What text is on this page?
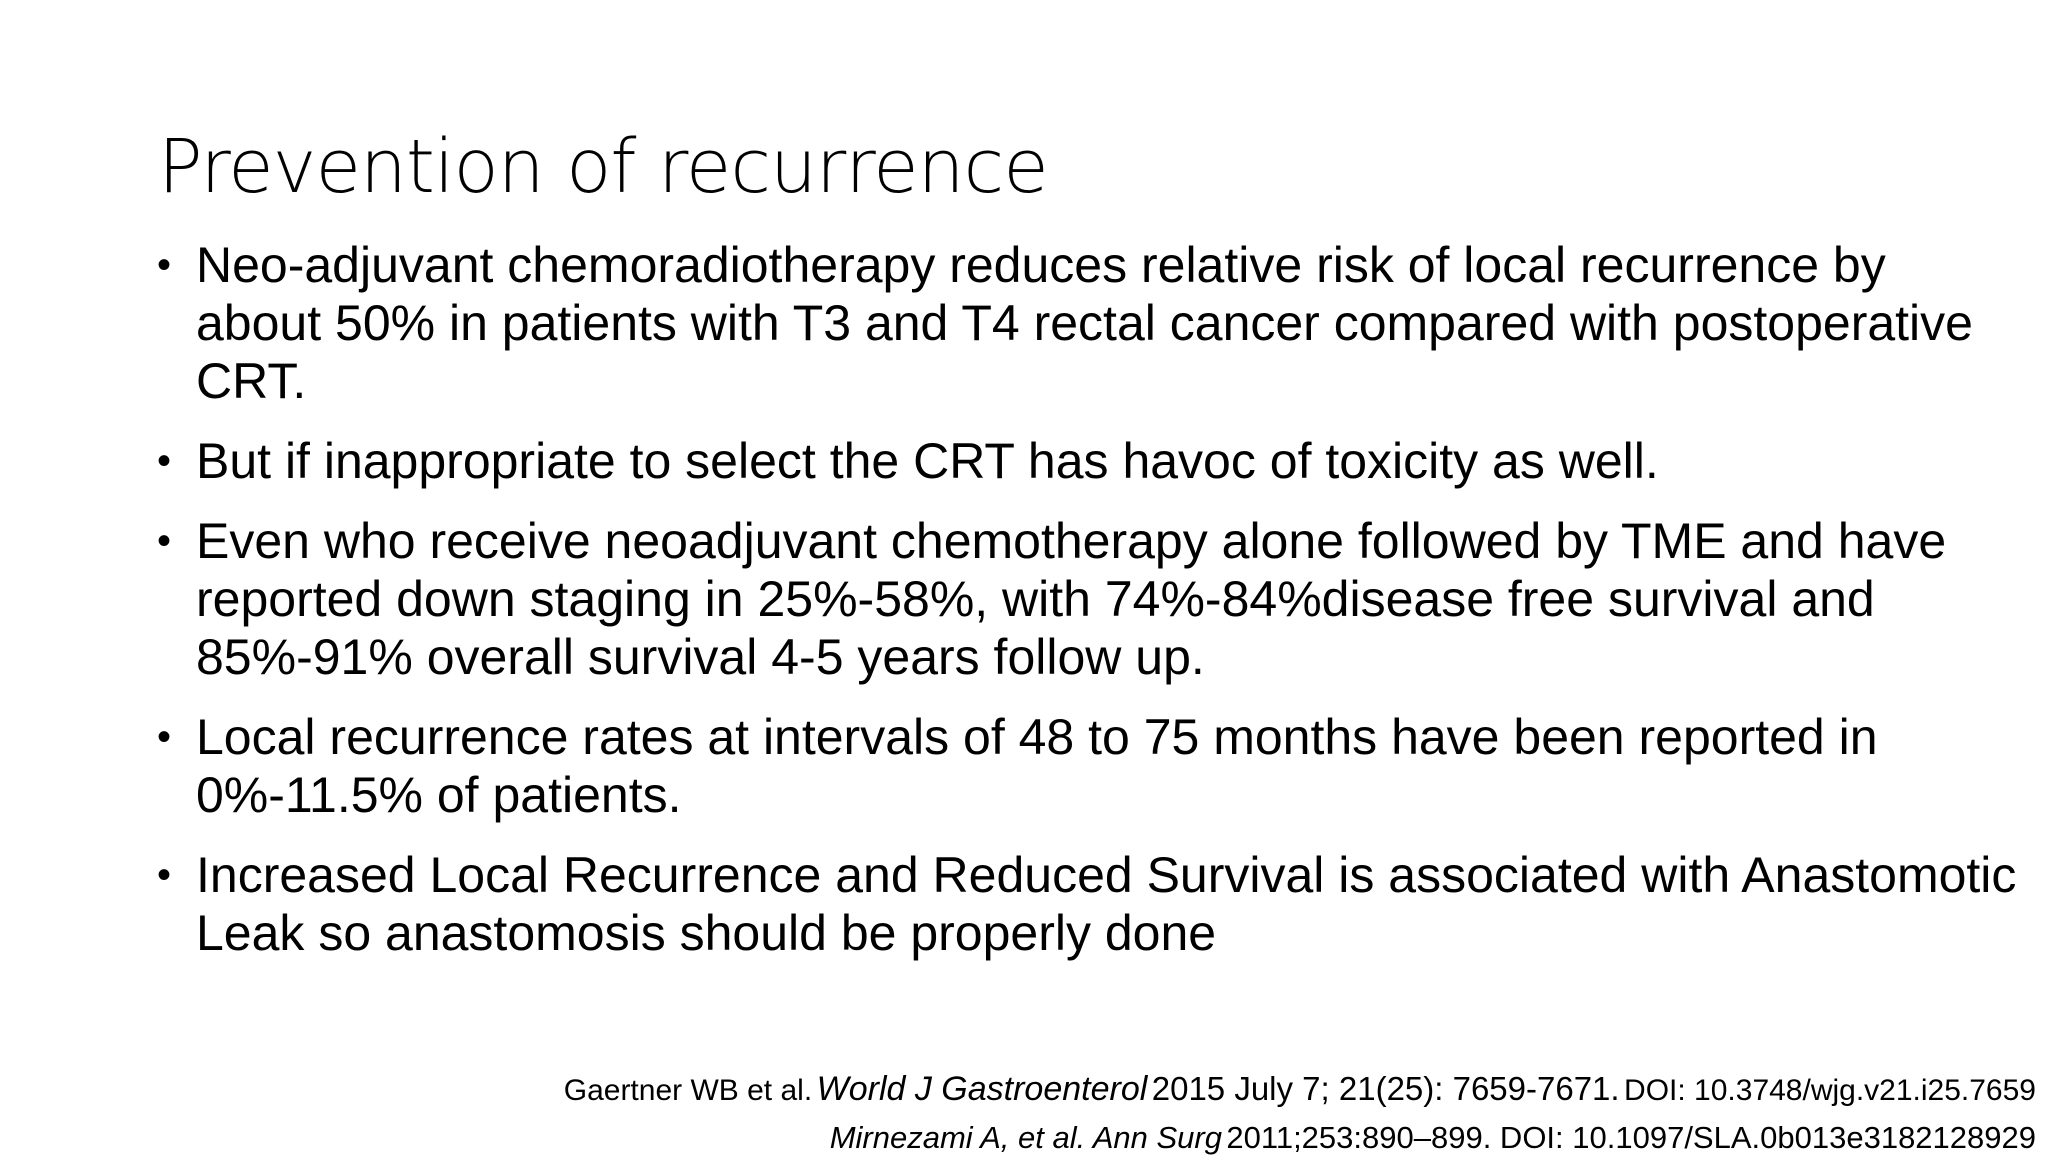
Prevention of recurrence
• Neo-adjuvant chemoradiotherapy reduces relative risk of local recurrence by about 50% in patients with T3 and T4 rectal cancer compared with postoperative CRT.
• But if inappropriate to select the CRT has havoc of toxicity as well.
• Even who receive neoadjuvant chemotherapy alone followed by TME and have reported down staging in 25%-58%, with 74%-84%disease free survival and 85%-91% overall survival 4-5 years follow up.
• Local recurrence rates at intervals of 48 to 75 months have been reported in 0%-11.5% of patients.
• Increased Local Recurrence and Reduced Survival is associated with Anastomotic Leak so anastomosis should be properly done
Gaertner WB et al. World J Gastroenterol 2015 July 7; 21(25): 7659-7671. DOI: 10.3748/wjg.v21.i25.7659
Mirnezami A, et al. Ann Surg 2011;253:890–899. DOI: 10.1097/SLA.0b013e3182128929
